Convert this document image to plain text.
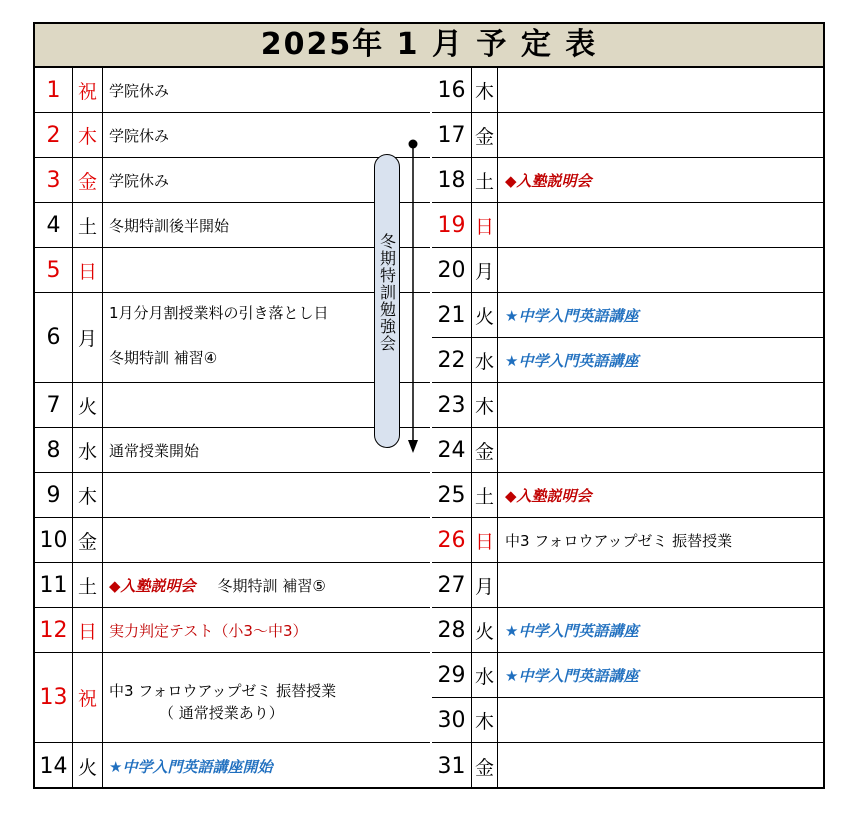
2025年 1 月 予 定 表
1 祝 学院休み
2 木 学院休み
3 金 学院休み
4 土 冬期特訓後半開始
5 日
6 月
1月分月割授業料の引き落とし日
冬期特訓 補習④
7 火
8 水 通常授業開始
9 木
10 金
11 土 ◆入塾説明会 冬期特訓 補習⑤
12 日 実力判定テスト（小3～中3）
13 祝 中3 フォロウアップゼミ 振替授業
（ 通常授業あり）
14 火 ★中学入門英語講座開始
冬期特訓勉強会
16 木
17 金
18 土 ◆入塾説明会
19 日
20 月
21 火 ★中学入門英語講座
22 水 ★中学入門英語講座
23 木
24 金
25 土 ◆入塾説明会
26 日 中3 フォロウアップゼミ 振替授業
27 月
28 火 ★中学入門英語講座
29 水 ★中学入門英語講座
30 木
31 金
